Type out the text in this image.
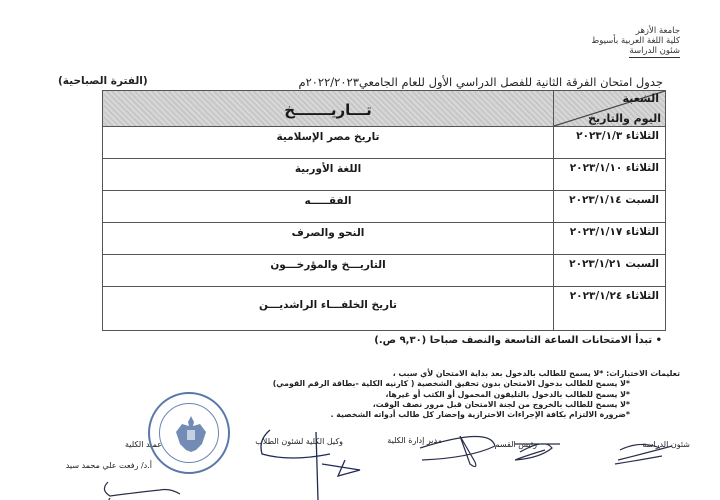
جامعة الأزهر
كلية اللغة العربية بأسيوط
شئون الدراسة
جدول امتحان الفرقة الثانية للفصل الدراسي الأول للعام الجامعي٢٠٢٢/٢٠٢٣م
(الفترة الصباحية)
الشعبة
اليوم والتاريخ	تـــاريـــــــخ
الثلاثاء ٢٠٢٣/١/٣	تاريخ مصر الإسلامية
الثلاثاء ٢٠٢٣/١/١٠	اللغة الأوربية
السبت ٢٠٢٣/١/١٤	الفقـــــه
الثلاثاء ٢٠٢٣/١/١٧	النحو والصرف
السبت ٢٠٢٣/١/٢١	التاريـــخ والمؤرخـــون
الثلاثاء ٢٠٢٣/١/٢٤	تاريخ الخلفـــاء الراشديـــن
• تبدأ الامتحانات الساعة التاسعة والنصف صباحا (٩,٣٠ ص.)
تعليمات الاختبارات: *لا يسمح للطالب بالدخول بعد بداية الامتحان لأي سبب ،
*لا يسمح للطالب بدخول الامتحان بدون تحقيق الشخصية ( كارنيه الكلية -بطاقة الرقم القومي)
*لا يسمح للطالب بالدخول بالتليفون المحمول أو الكتب أو غيرها،
*لا يسمح للطالب بالخروج من لجنة الامتحان قبل مرور نصف الوقت،
*ضرورة الالتزام بكافة الإجراءات الاحترازية وإحضار كل طالب أدواته الشخصية .
شئون الدراسة
رئيس القسم
مدير إدارة الكلية
وكيل الكلية لشئون الطلاب
عميد الكلية
أ.د/ رفعت علي محمد سيد
